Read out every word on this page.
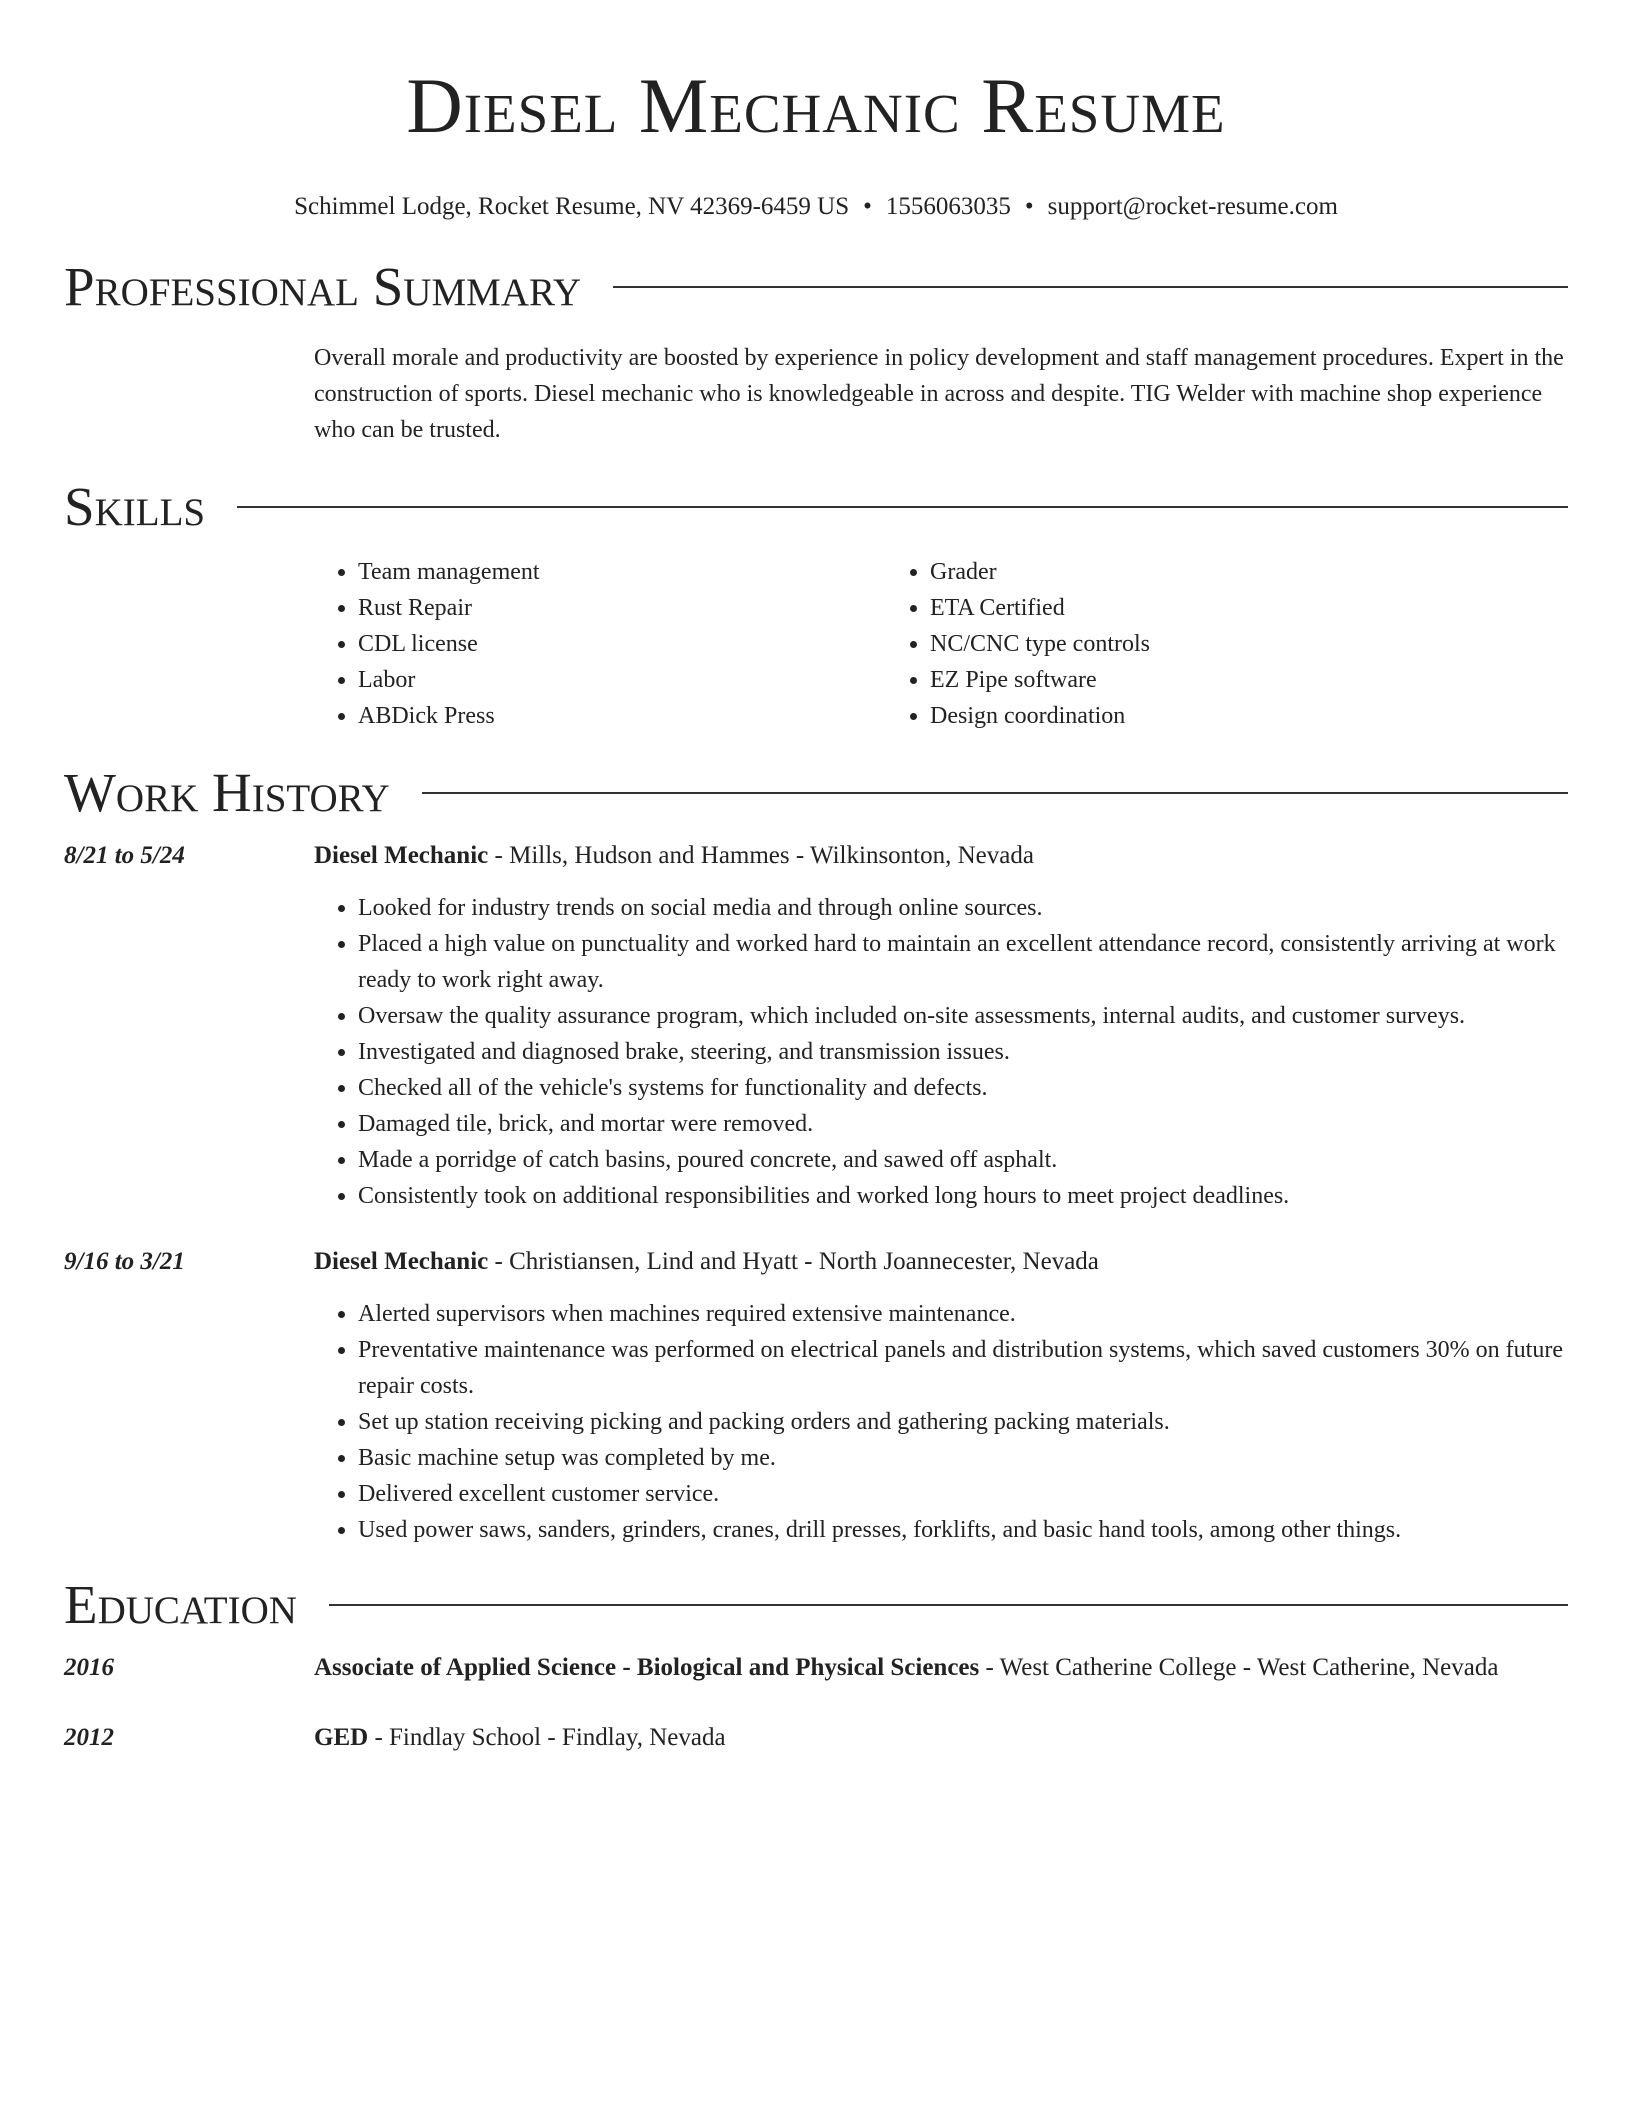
Diesel Mechanic Resume
Schimmel Lodge, Rocket Resume, NV 42369-6459 US • 1556063035 • support@rocket-resume.com
Professional Summary
Overall morale and productivity are boosted by experience in policy development and staff management procedures. Expert in the construction of sports. Diesel mechanic who is knowledgeable in across and despite. TIG Welder with machine shop experience who can be trusted.
Skills
• Team management
• Rust Repair
• CDL license
• Labor
• ABDick Press
• Grader
• ETA Certified
• NC/CNC type controls
• EZ Pipe software
• Design coordination
Work History
8/21 to 5/24	Diesel Mechanic - Mills, Hudson and Hammes - Wilkinsonton, Nevada
• Looked for industry trends on social media and through online sources.
• Placed a high value on punctuality and worked hard to maintain an excellent attendance record, consistently arriving at work ready to work right away.
• Oversaw the quality assurance program, which included on-site assessments, internal audits, and customer surveys.
• Investigated and diagnosed brake, steering, and transmission issues.
• Checked all of the vehicle's systems for functionality and defects.
• Damaged tile, brick, and mortar were removed.
• Made a porridge of catch basins, poured concrete, and sawed off asphalt.
• Consistently took on additional responsibilities and worked long hours to meet project deadlines.
9/16 to 3/21	Diesel Mechanic - Christiansen, Lind and Hyatt - North Joannecester, Nevada
• Alerted supervisors when machines required extensive maintenance.
• Preventative maintenance was performed on electrical panels and distribution systems, which saved customers 30% on future repair costs.
• Set up station receiving picking and packing orders and gathering packing materials.
• Basic machine setup was completed by me.
• Delivered excellent customer service.
• Used power saws, sanders, grinders, cranes, drill presses, forklifts, and basic hand tools, among other things.
Education
2016	Associate of Applied Science - Biological and Physical Sciences - West Catherine College - West Catherine, Nevada
2012	GED - Findlay School - Findlay, Nevada
